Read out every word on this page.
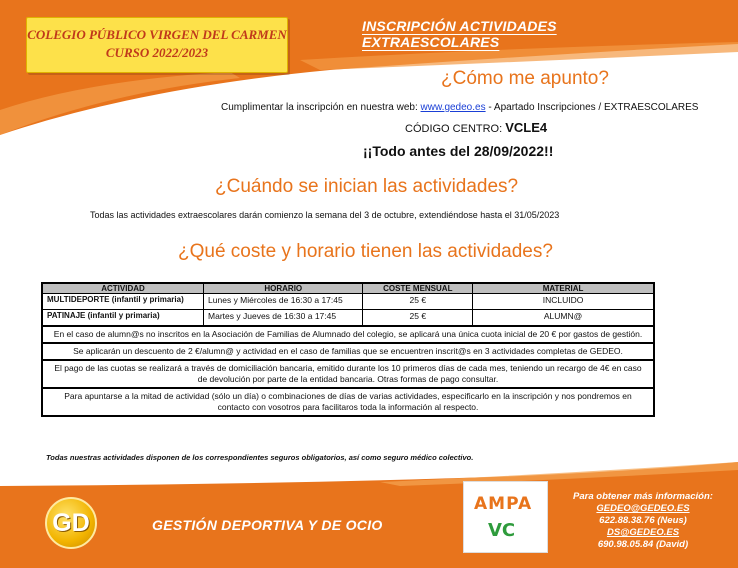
COLEGIO PÚBLICO VIRGEN DEL CARMEN
CURSO 2022/2023
INSCRIPCIÓN ACTIVIDADES EXTRAESCOLARES
¿Cómo me apunto?
Cumplimentar la inscripción en nuestra web: www.gedeo.es - Apartado Inscripciones / EXTRAESCOLARES
CÓDIGO CENTRO: VCLE4
¡¡Todo antes del 28/09/2022!!
¿Cuándo se inician las actividades?
Todas las actividades extraescolares darán comienzo la semana del 3 de octubre, extendiéndose hasta el 31/05/2023
¿Qué coste y horario tienen las actividades?
ACTIVIDAD	HORARIO	COSTE MENSUAL	MATERIAL
MULTIDEPORTE (infantil y primaria)	Lunes y Miércoles de 16:30 a 17:45	25 €	INCLUIDO
PATINAJE (infantil y primaria)	Martes y Jueves de 16:30 a 17:45	25 €	ALUMN@
En el caso de alumn@s no inscritos en la Asociación de Familias de Alumnado del colegio, se aplicará una única cuota inicial de 20 € por gastos de gestión.			
Se aplicarán un descuento de 2 €/alumn@ y actividad en el caso de familias que se encuentren inscrit@s en 3 actividades completas de GEDEO.			
El pago de las cuotas se realizará a través de domiciliación bancaria, emitido durante los 10 primeros días de cada mes, teniendo un recargo de 4€ en caso de devolución por parte de la entidad bancaria. Otras formas de pago consultar.			
Para apuntarse a la mitad de actividad (sólo un día) o combinaciones de días de varias actividades, especificarlo en la inscripción y nos pondremos en contacto con vosotros para facilitaros toda la información al respecto.			
Todas nuestras actividades disponen de los correspondientes seguros obligatorios, así como seguro médico colectivo.
GD	GESTIÓN DEPORTIVA Y DE OCIO
AMPA
VC
Para obtener más información:
GEDEO@GEDEO.ES
622.88.38.76 (Neus)
DS@GEDEO.ES
690.98.05.84 (David)
